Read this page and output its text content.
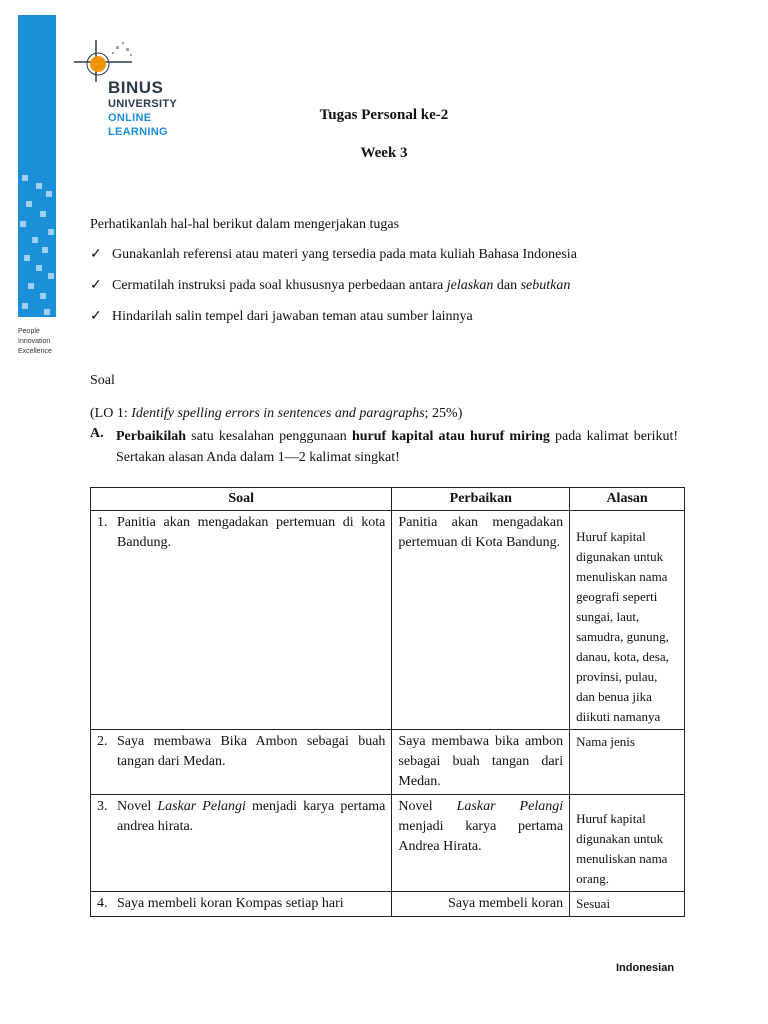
People
Innovation
Excellence
BINUS
UNIVERSITY
ONLINE
LEARNING
Tugas Personal ke-2
Week 3
Perhatikanlah hal-hal berikut dalam mengerjakan tugas
✓ Gunakanlah referensi atau materi yang tersedia pada mata kuliah Bahasa Indonesia
✓ Cermatilah instruksi pada soal khususnya perbedaan antara jelaskan dan sebutkan
✓ Hindarilah salin tempel dari jawaban teman atau sumber lainnya
Soal
(LO 1: Identify spelling errors in sentences and paragraphs; 25%)
A. Perbaikilah satu kesalahan penggunaan huruf kapital atau huruf miring pada kalimat berikut! Sertakan alasan Anda dalam 1—2 kalimat singkat!
Soal	Perbaikan	Alasan

1. Panitia akan mengadakan pertemuan di kota Bandung.	Panitia akan mengadakan pertemuan di Kota Bandung.	Huruf kapital digunakan untuk menuliskan nama geografi seperti sungai, laut, samudra, gunung, danau, kota, desa, provinsi, pulau, dan benua jika diikuti namanya

2. Saya membawa Bika Ambon sebagai buah tangan dari Medan.	Saya membawa bika ambon sebagai buah tangan dari Medan.	Nama jenis

3. Novel Laskar Pelangi menjadi karya pertama andrea hirata.	Novel Laskar Pelangi menjadi karya pertama Andrea Hirata.	Huruf kapital digunakan untuk menuliskan nama orang.

4. Saya membeli koran Kompas setiap hari	Saya membeli koran	Sesuai
Indonesian
